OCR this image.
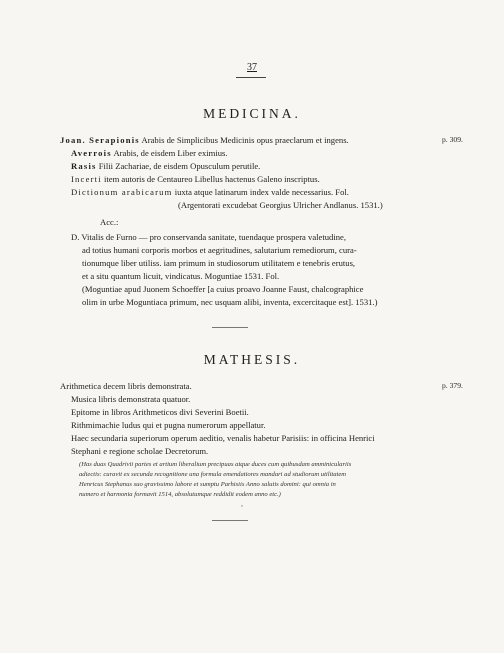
37
MEDICINA.
p. 309.
Joan. Serapionis Arabis de Simplicibus Medicinis opus praeclarum et ingens.
Averrois Arabis, de eisdem Liber eximius.
Rasis Filii Zachariae, de eisdem Opusculum perutile.
Incerti item autoris de Centaureo Libellus hactenus Galeno inscriptus.
Dictionum arabicarum iuxta atque latinarum index valde necessarius. Fol.
(Argentorati excudebat Georgius Ulricher Andlanus. 1531.)
Acc.:
D. Vitalis de Furno — pro conservanda sanitate, tuendaque prospera valetudine,
ad totius humani corporis morbos et aegritudines, salutarium remediorum, cura-
tionumque liber utiliss. iam primum in studiosorum utilitatem e tenebris erutus,
et a situ quantum licuit, vindicatus. Moguntiae 1531. Fol.
(Moguntiae apud Juonem Schoeffer [a cuius proavo Joanne Faust, chalcographice
olim in urbe Moguntiaca primum, nec usquam alibi, inventa, excercitaque est]. 1531.)
MATHESIS.
p. 379.
Arithmetica decem libris demonstrata.
Musica libris demonstrata quatuor.
Epitome in libros Arithmeticos divi Severini Boetii.
Rithmimachie ludus qui et pugna numerorum appellatur.
Haec secundaria superiorum operum aeditio, venalis habetur Parisiis: in officina Henrici
Stephani e regione scholae Decretorum.
(Has duas Quadrivii partes et artium liberalium precipuas atque duces cum quibusdam amminiculariis
adiectis: curavit ex secunda recognitione una formula emendatiores mandari ad studiorum utilitatem
Henricus Stephanus suo gravissimo labore et sumptu Parhisiis Anno salutis domini: qui omnia in
numero et harmonia formavit 1514, absolutumque reddidit eodem anno etc.)
,
